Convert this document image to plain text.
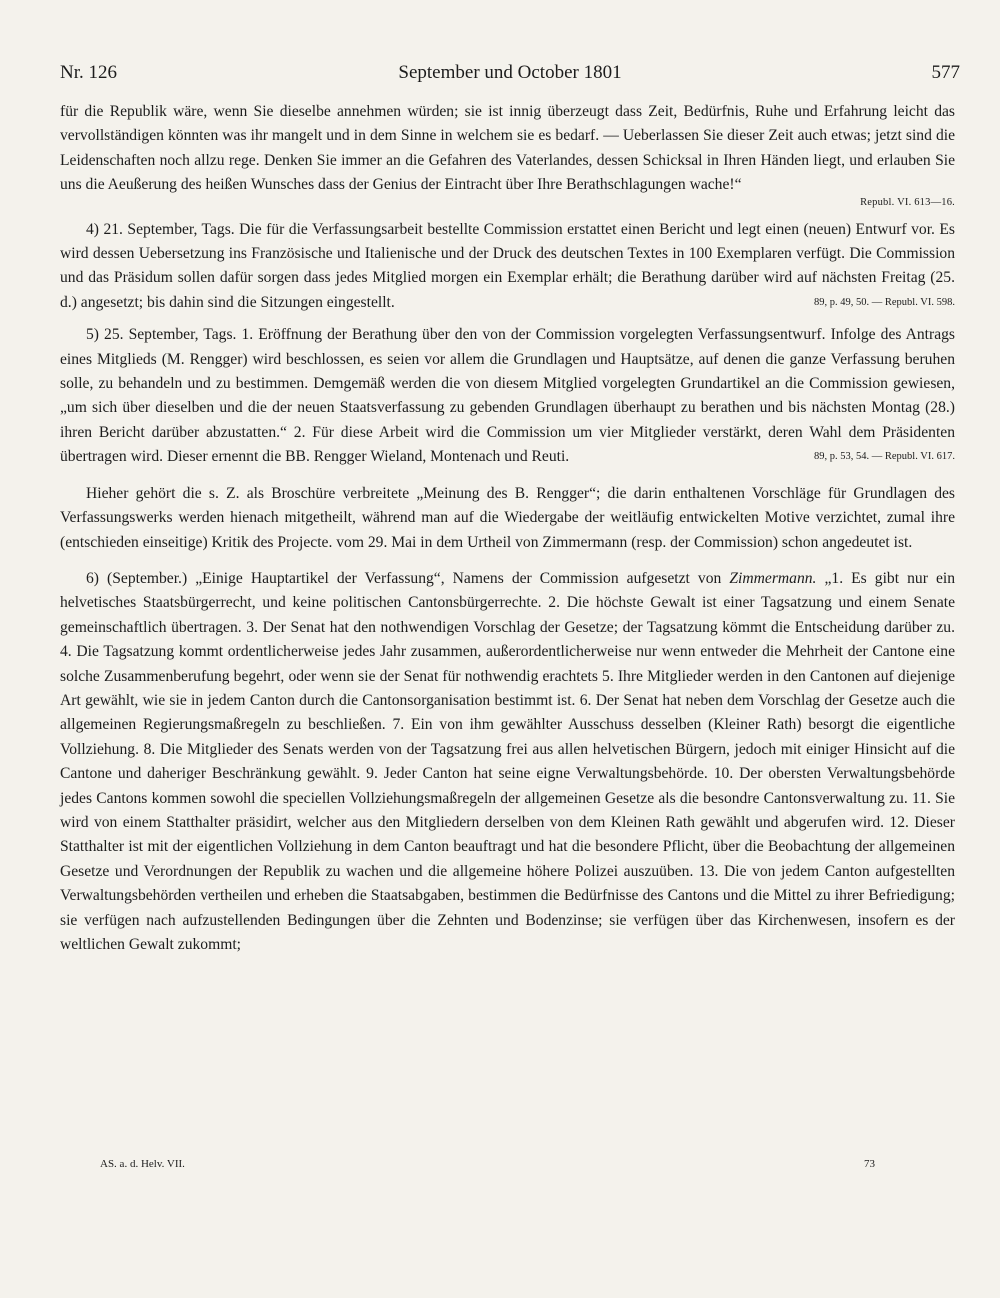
Nr. 126	September und October 1801	577

für die Republik wäre, wenn Sie dieselbe annehmen würden; sie ist innig überzeugt dass Zeit, Bedürfnis, Ruhe und Erfahrung leicht das vervollständigen könnten was ihr mangelt und in dem Sinne in welchem sie es bedarf. — Ueberlassen Sie dieser Zeit auch etwas; jetzt sind die Leidenschaften noch allzu rege. Denken Sie immer an die Gefahren des Vaterlandes, dessen Schicksal in Ihren Händen liegt, und erlauben Sie uns die Aeußerung des heißen Wunsches dass der Genius der Eintracht über Ihre Berathschlagungen wache!“

Republ. VI. 613—16.

4) 21. September, Tags. Die für die Verfassungsarbeit bestellte Commission erstattet einen Bericht und legt einen (neuen) Entwurf vor. Es wird dessen Uebersetzung ins Französische und Italienische und der Druck des deutschen Textes in 100 Exemplaren verfügt. Die Commission und das Präsidum sollen dafür sorgen dass jedes Mitglied morgen ein Exemplar erhält; die Berathung darüber wird auf nächsten Freitag (25. d.) angesetzt; bis dahin sind die Sitzungen eingestellt.	89, p. 49, 50. — Republ. VI. 598.

5) 25. September, Tags. 1. Eröffnung der Berathung über den von der Commission vorgelegten Verfassungsentwurf. Infolge des Antrags eines Mitglieds (M. Rengger) wird beschlossen, es seien vor allem die Grundlagen und Hauptsätze, auf denen die ganze Verfassung beruhen solle, zu behandeln und zu bestimmen. Demgemäß werden die von diesem Mitglied vorgelegten Grundartikel an die Commission gewiesen, „um sich über dieselben und die der neuen Staatsverfassung zu gebenden Grundlagen überhaupt zu berathen und bis nächsten Montag (28.) ihren Bericht darüber abzustatten.“ 2. Für diese Arbeit wird die Commission um vier Mitglieder verstärkt, deren Wahl dem Präsidenten übertragen wird. Dieser ernennt die BB. Rengger Wieland, Montenach und Reuti.	89, p. 53, 54. — Republ. VI. 617.

Hieher gehört die s. Z. als Broschüre verbreitete „Meinung des B. Rengger“; die darin enthaltenen Vorschläge für Grundlagen des Verfassungswerks werden hienach mitgetheilt, während man auf die Wiedergabe der weitläufig entwickelten Motive verzichtet, zumal ihre (entschieden einseitige) Kritik des Projecte. vom 29. Mai in dem Urtheil von Zimmermann (resp. der Commission) schon angedeutet ist.

6) (September.) „Einige Hauptartikel der Verfassung“, Namens der Commission aufgesetzt von Zimmermann. „1. Es gibt nur ein helvetisches Staatsbürgerrecht, und keine politischen Cantonsbürgerrechte. 2. Die höchste Gewalt ist einer Tagsatzung und einem Senate gemeinschaftlich übertragen. 3. Der Senat hat den nothwendigen Vorschlag der Gesetze; der Tagsatzung kömmt die Entscheidung darüber zu. 4. Die Tagsatzung kommt ordentlicherweise jedes Jahr zusammen, außerordentlicherweise nur wenn entweder die Mehrheit der Cantone eine solche Zusammenberufung begehrt, oder wenn sie der Senat für nothwendig erachtets 5. Ihre Mitglieder werden in den Cantonen auf diejenige Art gewählt, wie sie in jedem Canton durch die Cantonsorganisation bestimmt ist. 6. Der Senat hat neben dem Vorschlag der Gesetze auch die allgemeinen Regierungsmaßregeln zu beschließen. 7. Ein von ihm gewählter Ausschuss desselben (Kleiner Rath) besorgt die eigentliche Vollziehung. 8. Die Mitglieder des Senats werden von der Tagsatzung frei aus allen helvetischen Bürgern, jedoch mit einiger Hinsicht auf die Cantone und daheriger Beschränkung gewählt. 9. Jeder Canton hat seine eigne Verwaltungsbehörde. 10. Der obersten Verwaltungsbehörde jedes Cantons kommen sowohl die speciellen Vollziehungsmaßregeln der allgemeinen Gesetze als die besondre Cantonsverwaltung zu. 11. Sie wird von einem Statthalter präsidirt, welcher aus den Mitgliedern derselben von dem Kleinen Rath gewählt und abgerufen wird. 12. Dieser Statthalter ist mit der eigentlichen Vollziehung in dem Canton beauftragt und hat die besondere Pflicht, über die Beobachtung der allgemeinen Gesetze und Verordnungen der Republik zu wachen und die allgemeine höhere Polizei auszuüben. 13. Die von jedem Canton aufgestellten Verwaltungsbehörden vertheilen und erheben die Staatsabgaben, bestimmen die Bedürfnisse des Cantons und die Mittel zu ihrer Befriedigung; sie verfügen nach aufzustellenden Bedingungen über die Zehnten und Bodenzinse; sie verfügen über das Kirchenwesen, insofern es der weltlichen Gewalt zukommt;

AS. a. d. Helv. VII.	73
